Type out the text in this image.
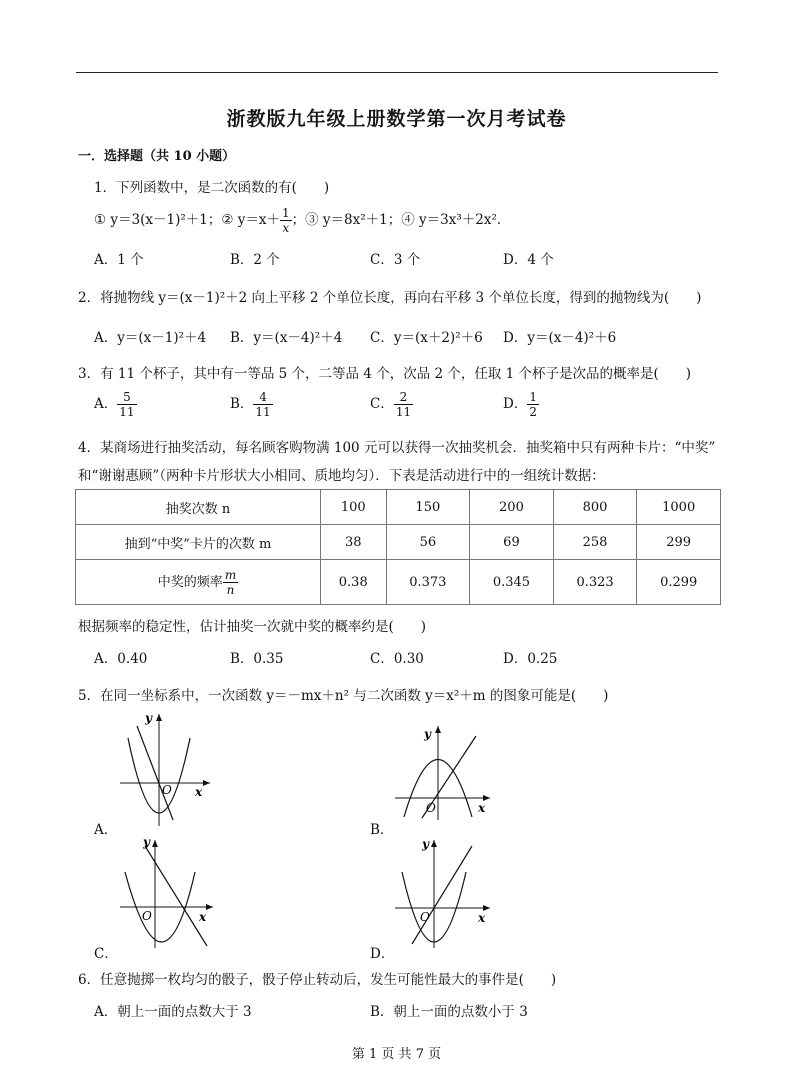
浙教版九年级上册数学第一次月考试卷
一．选择题（共 10 小题）
1．下列函数中，是二次函数的有(　　)
① y＝3(x－1)²＋1；② $y=x+ \frac{1}{x}$ ；③ y＝8x²＋1；④ y＝3x³＋2x²．
A．1 个	B．2 个	C．3 个	D．4 个
2．将抛物线 y＝(x－1)²＋2 向上平移 2 个单位长度，再向右平移 3 个单位长度，得到的抛物线为(　　)
A．y＝(x－1)²＋4 B．y＝(x－4)²＋4 C．y＝(x＋2)²＋6 D．y＝(x－4)²＋6
3．有 11 个杯子，其中有一等品 5 个，二等品 4 个，次品 2 个，任取 1 个杯子是次品的概率是(　　)
A． $\frac{5}{11}$	B． $\frac{4}{11}$	C． $\frac{2}{11}$	D． $\frac{1}{2}$
4．某商场进行抽奖活动，每名顾客购物满 100 元可以获得一次抽奖机会．抽奖箱中只有两种卡片：“中奖”
和“谢谢惠顾”（两种卡片形状大小相同、质地均匀）．下表是活动进行中的一组统计数据：
抽奖次数 n	100	150	200	800	1000
抽到“中奖”卡片的次数 m	38	56	69	258	299
中奖的频率 $\frac{m}{n}$	0.38	0.373	0.345	0.323	0.299
根据频率的稳定性，估计抽奖一次就中奖的概率约是(　　)
A．0.40	B．0.35	C．0.30	D．0.25
5．在同一坐标系中，一次函数 y＝－mx＋n² 与二次函数 y＝x²＋m 的图象可能是(　　)
y
O x
A．
y
O	x
B．
y
O	x
C．
y
O	x
D．
6．任意抛掷一枚均匀的骰子，骰子停止转动后，发生可能性最大的事件是(　　)
A．朝上一面的点数大于 3	B．朝上一面的点数小于 3
第 1 页 共 7 页
